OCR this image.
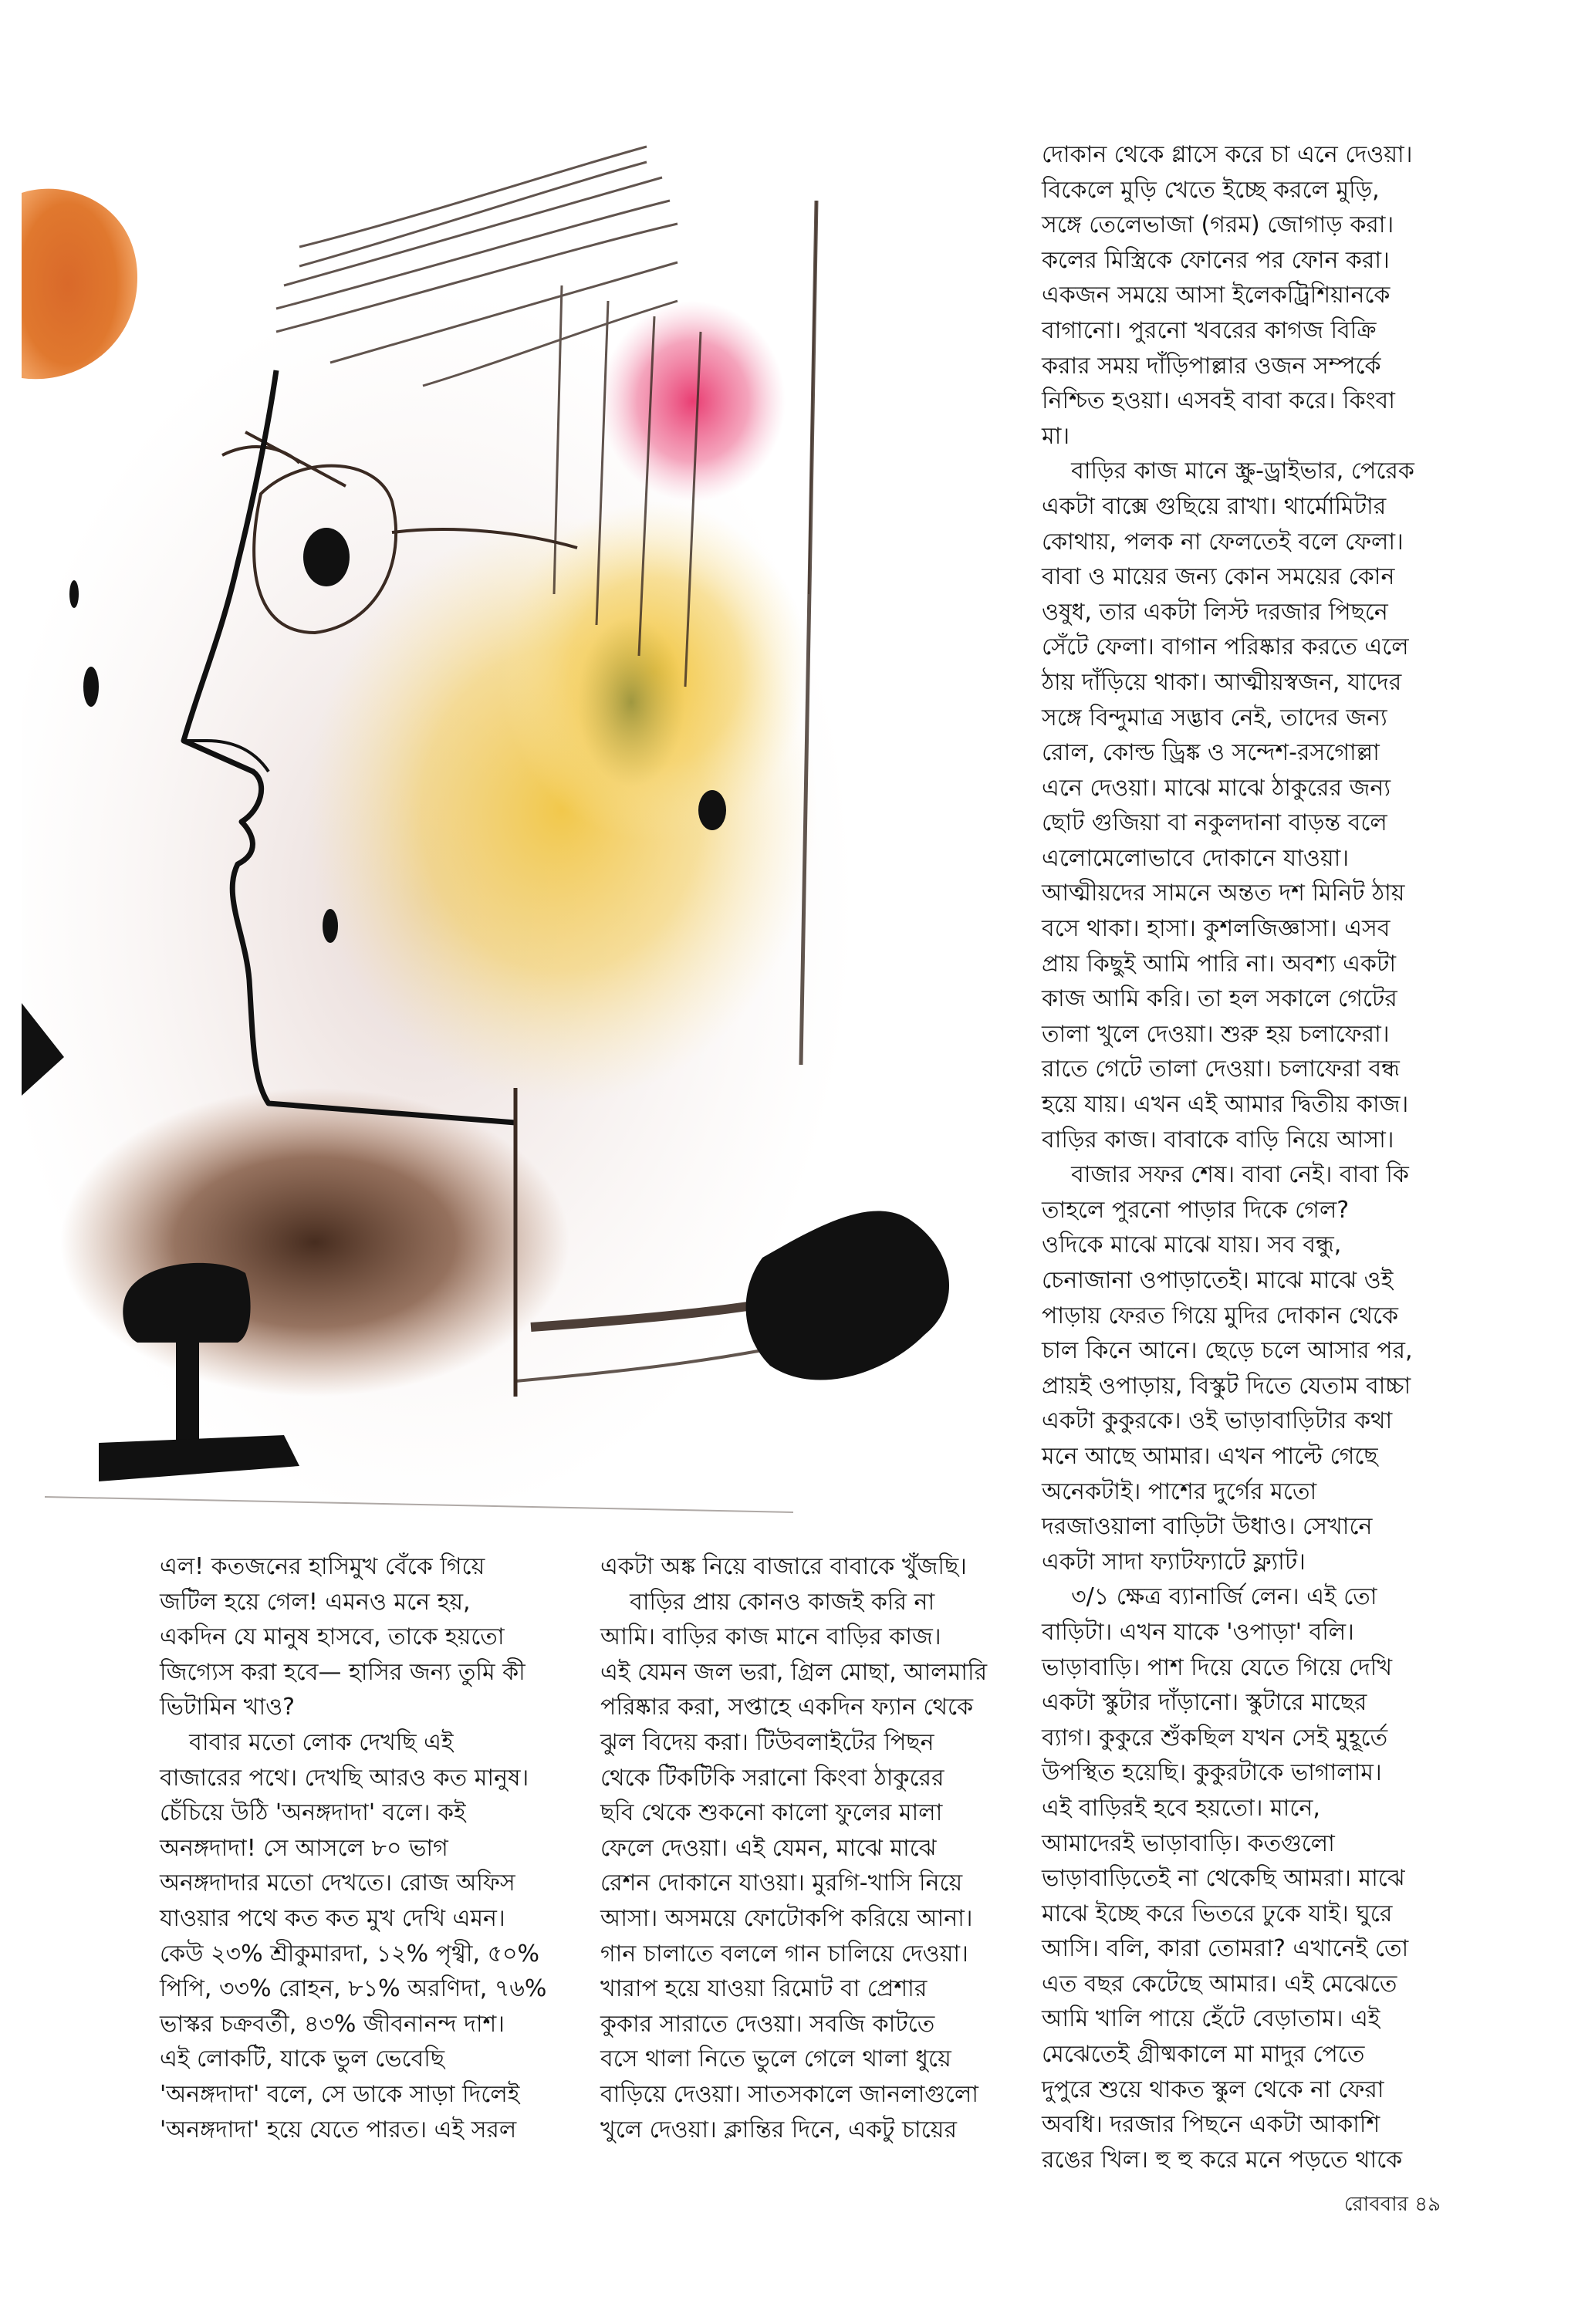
এল! কতজনের হাসিমুখ বেঁকে গিয়ে
জটিল হয়ে গেল! এমনও মনে হয়,
একদিন যে মানুষ হাসবে, তাকে হয়তো
জিগ্যেস করা হবে— হাসির জন্য তুমি কী
ভিটামিন খাও?
বাবার মতো লোক দেখছি এই
বাজারের পথে। দেখছি আরও কত মানুষ।
চেঁচিয়ে উঠি 'অনঙ্গদাদা' বলে। কই
অনঙ্গদাদা! সে আসলে ৮০ ভাগ
অনঙ্গদাদার মতো দেখতে। রোজ অফিস
যাওয়ার পথে কত কত মুখ দেখি এমন।
কেউ ২৩% শ্রীকুমারদা, ১২% পৃথ্বী, ৫০%
পিপি, ৩৩% রোহন, ৮১% অরণিদা, ৭৬%
ভাস্কর চক্রবর্তী, ৪৩% জীবনানন্দ দাশ।
এই লোকটি, যাকে ভুল ভেবেছি
'অনঙ্গদাদা' বলে, সে ডাকে সাড়া দিলেই
'অনঙ্গদাদা' হয়ে যেতে পারত। এই সরল
একটা অঙ্ক নিয়ে বাজারে বাবাকে খুঁজছি।
বাড়ির প্রায় কোনও কাজই করি না
আমি। বাড়ির কাজ মানে বাড়ির কাজ।
এই যেমন জল ভরা, গ্রিল মোছা, আলমারি
পরিষ্কার করা, সপ্তাহে একদিন ফ্যান থেকে
ঝুল বিদেয় করা। টিউবলাইটের পিছন
থেকে টিকটিকি সরানো কিংবা ঠাকুরের
ছবি থেকে শুকনো কালো ফুলের মালা
ফেলে দেওয়া। এই যেমন, মাঝে মাঝে
রেশন দোকানে যাওয়া। মুরগি-খাসি নিয়ে
আসা। অসময়ে ফোটোকপি করিয়ে আনা।
গান চালাতে বললে গান চালিয়ে দেওয়া।
খারাপ হয়ে যাওয়া রিমোট বা প্রেশার
কুকার সারাতে দেওয়া। সবজি কাটতে
বসে থালা নিতে ভুলে গেলে থালা ধুয়ে
বাড়িয়ে দেওয়া। সাতসকালে জানলাগুলো
খুলে দেওয়া। ক্লান্তির দিনে, একটু চায়ের
দোকান থেকে গ্লাসে করে চা এনে দেওয়া।
বিকেলে মুড়ি খেতে ইচ্ছে করলে মুড়ি,
সঙ্গে তেলেভাজা (গরম) জোগাড় করা।
কলের মিস্ত্রিকে ফোনের পর ফোন করা।
একজন সময়ে আসা ইলেকট্রিশিয়ানকে
বাগানো। পুরনো খবরের কাগজ বিক্রি
করার সময় দাঁড়িপাল্লার ওজন সম্পর্কে
নিশ্চিত হওয়া। এসবই বাবা করে। কিংবা
মা।
বাড়ির কাজ মানে স্ক্রু-ড্রাইভার, পেরেক
একটা বাক্সে গুছিয়ে রাখা। থার্মোমিটার
কোথায়, পলক না ফেলতেই বলে ফেলা।
বাবা ও মায়ের জন্য কোন সময়ের কোন
ওষুধ, তার একটা লিস্ট দরজার পিছনে
সেঁটে ফেলা। বাগান পরিষ্কার করতে এলে
ঠায় দাঁড়িয়ে থাকা। আত্মীয়স্বজন, যাদের
সঙ্গে বিন্দুমাত্র সদ্ভাব নেই, তাদের জন্য
রোল, কোল্ড ড্রিঙ্ক ও সন্দেশ-রসগোল্লা
এনে দেওয়া। মাঝে মাঝে ঠাকুরের জন্য
ছোট গুজিয়া বা নকুলদানা বাড়ন্ত বলে
এলোমেলোভাবে দোকানে যাওয়া।
আত্মীয়দের সামনে অন্তত দশ মিনিট ঠায়
বসে থাকা। হাসা। কুশলজিজ্ঞাসা। এসব
প্রায় কিছুই আমি পারি না। অবশ্য একটা
কাজ আমি করি। তা হল সকালে গেটের
তালা খুলে দেওয়া। শুরু হয় চলাফেরা।
রাতে গেটে তালা দেওয়া। চলাফেরা বন্ধ
হয়ে যায়। এখন এই আমার দ্বিতীয় কাজ।
বাড়ির কাজ। বাবাকে বাড়ি নিয়ে আসা।
বাজার সফর শেষ। বাবা নেই। বাবা কি
তাহলে পুরনো পাড়ার দিকে গেল?
ওদিকে মাঝে মাঝে যায়। সব বন্ধু,
চেনাজানা ওপাড়াতেই। মাঝে মাঝে ওই
পাড়ায় ফেরত গিয়ে মুদির দোকান থেকে
চাল কিনে আনে। ছেড়ে চলে আসার পর,
প্রায়ই ওপাড়ায়, বিস্কুট দিতে যেতাম বাচ্চা
একটা কুকুরকে। ওই ভাড়াবাড়িটার কথা
মনে আছে আমার। এখন পাল্টে গেছে
অনেকটাই। পাশের দুর্গের মতো
দরজাওয়ালা বাড়িটা উধাও। সেখানে
একটা সাদা ফ্যাটফ্যাটে ফ্ল্যাট।
৩/১ ক্ষেত্র ব্যানার্জি লেন। এই তো
বাড়িটা। এখন যাকে 'ওপাড়া' বলি।
ভাড়াবাড়ি। পাশ দিয়ে যেতে গিয়ে দেখি
একটা স্কুটার দাঁড়ানো। স্কুটারে মাছের
ব্যাগ। কুকুরে শুঁকছিল যখন সেই মুহূর্তে
উপস্থিত হয়েছি। কুকুরটাকে ভাগালাম।
এই বাড়িরই হবে হয়তো। মানে,
আমাদেরই ভাড়াবাড়ি। কতগুলো
ভাড়াবাড়িতেই না থেকেছি আমরা। মাঝে
মাঝে ইচ্ছে করে ভিতরে ঢুকে যাই। ঘুরে
আসি। বলি, কারা তোমরা? এখানেই তো
এত বছর কেটেছে আমার। এই মেঝেতে
আমি খালি পায়ে হেঁটে বেড়াতাম। এই
মেঝেতেই গ্রীষ্মকালে মা মাদুর পেতে
দুপুরে শুয়ে থাকত স্কুল থেকে না ফেরা
অবধি। দরজার পিছনে একটা আকাশি
রঙের খিল। হু হু করে মনে পড়তে থাকে
রোববার ৪৯
